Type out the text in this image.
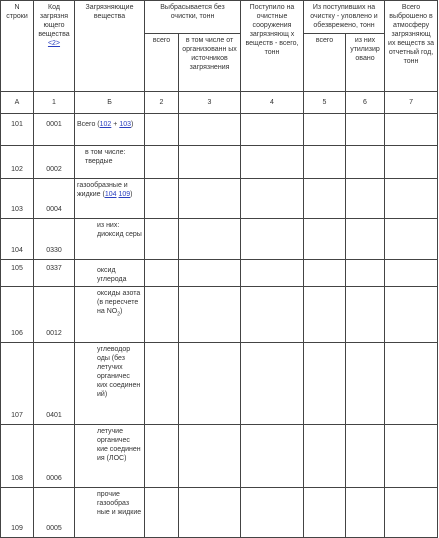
N строки	Код загрязня ющего вещества <2>	Загрязняющие вещества	Выбрасывается без очистки, тонн		Поступило на очистные сооружения загрязняющ х веществ - всего, тонн	Из поступивших на очистку - уловлено и обезврежено, тонн		Всего выброшено в атмосферу загрязняющ их веществ за отчетный год, тонн
			всего	в том числе от организованн ых источников загрязнения		всего	из них утилизир овано	
А	1	Б	2	3	4	5	6	7
101	0001	Всего (102 + 103)						
102	0002	в том числе: твердые						
103	0004	газообразные и жидкие (104 109)						
104	0330	из них: диоксид серы						
105	0337	оксид углерода						
106	0012	оксиды азота (в пересчете на $NO_2$)						
107	0401	углеводор оды (без летучих органичес ких соединен ий)						
108	0006	летучие органичес кие соединен ия (ЛОС)						
109	0005	прочие газообраз ные и жидкие						
